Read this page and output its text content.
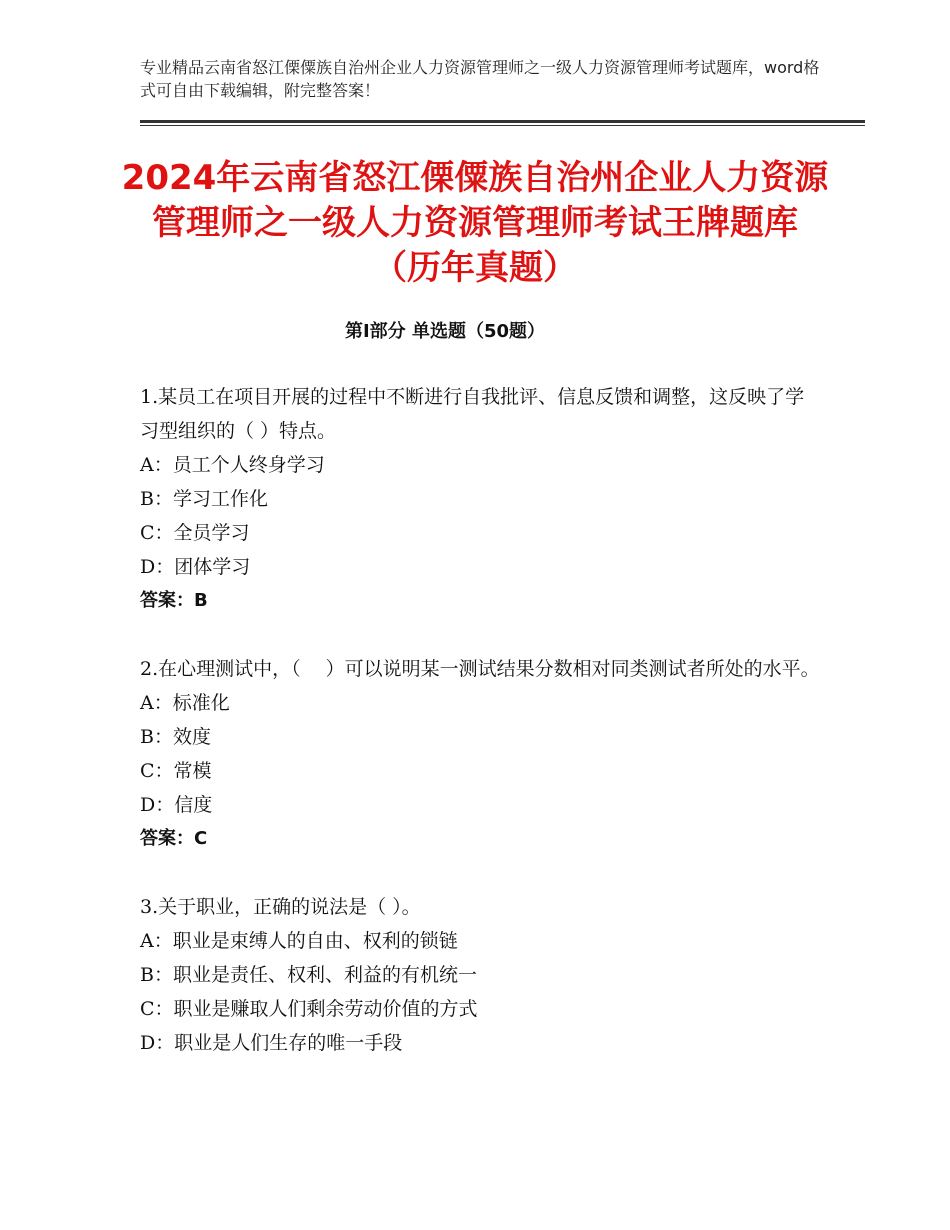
专业精品云南省怒江傈僳族自治州企业人力资源管理师之一级人力资源管理师考试题库，word格式可自由下载编辑，附完整答案！
2024年云南省怒江傈僳族自治州企业人力资源管理师之一级人力资源管理师考试王牌题库（历年真题）
第Ⅰ部分 单选题（50题）
1.某员工在项目开展的过程中不断进行自我批评、信息反馈和调整，这反映了学习型组织的（ ）特点。
A：员工个人终身学习
B：学习工作化
C：全员学习
D：团体学习
答案：B
2.在心理测试中，（　 ）可以说明某一测试结果分数相对同类测试者所处的水平。
A：标准化
B：效度
C：常模
D：信度
答案：C
3.关于职业，正确的说法是（ ）。
A：职业是束缚人的自由、权利的锁链
B：职业是责任、权利、利益的有机统一
C：职业是赚取人们剩余劳动价值的方式
D：职业是人们生存的唯一手段
